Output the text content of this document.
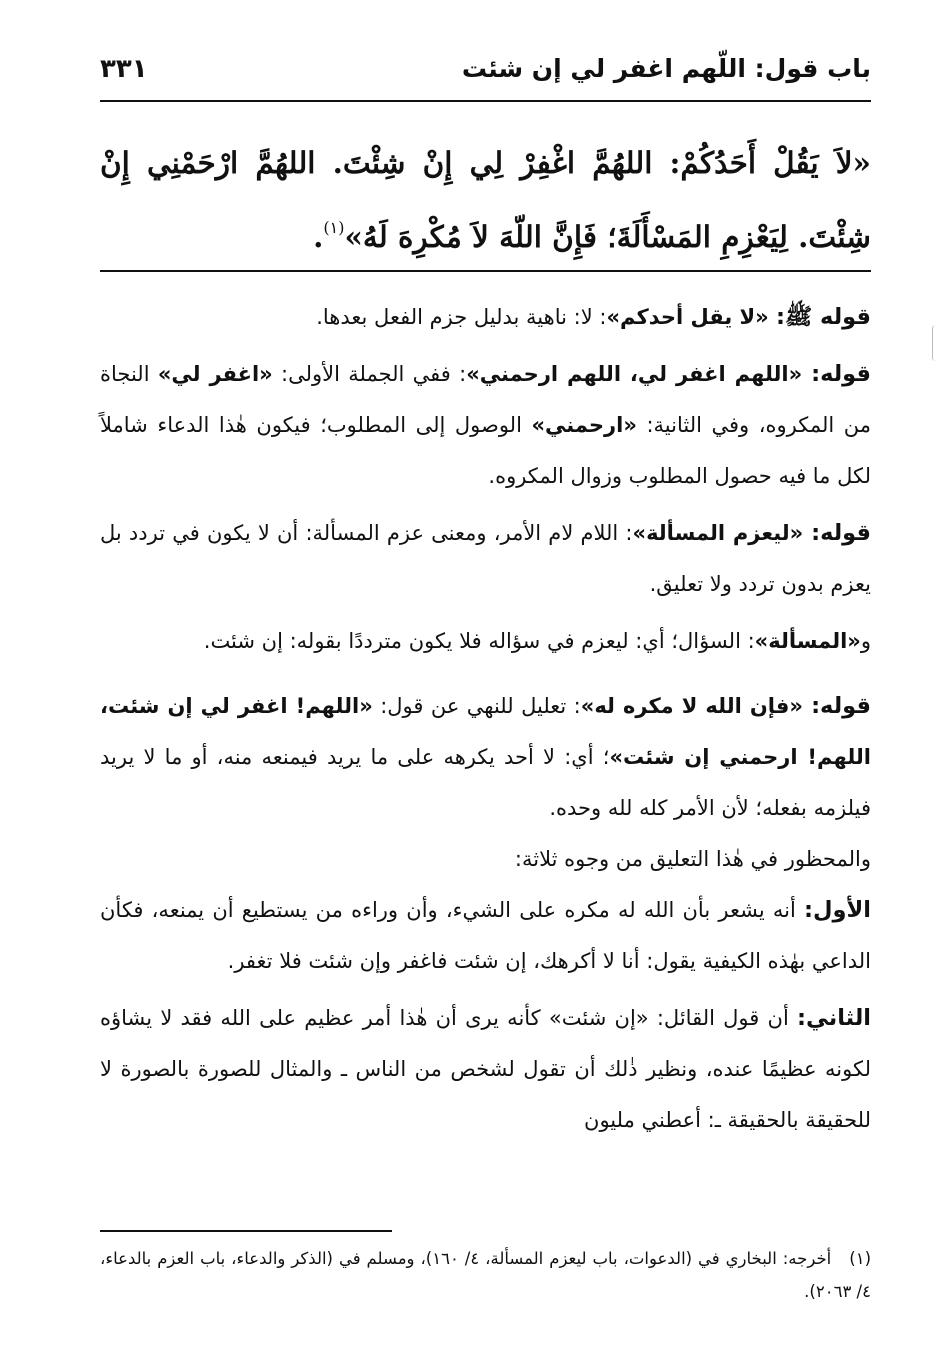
باب قول: اللّهم اغفر لي إن شئت
٣٣١
«لاَ يَقُلْ أَحَدُكُمْ: اللهُمَّ اغْفِرْ لِي إِنْ شِئْتَ. اللهُمَّ ارْحَمْنِي إِنْ شِئْتَ. لِيَعْزِمِ المَسْأَلَةَ؛ فَإِنَّ اللّهَ لاَ مُكْرِهَ لَهُ»$^{(١)}$.

قوله ﷺ: «لا يقل أحدكم»: لا: ناهية بدليل جزم الفعل بعدها.

قوله: «اللهم اغفر لي، اللهم ارحمني»: ففي الجملة الأولى: «اغفر لي» النجاة من المكروه، وفي الثانية: «ارحمني» الوصول إلى المطلوب؛ فيكون هٰذا الدعاء شاملاً لكل ما فيه حصول المطلوب وزوال المكروه.

قوله: «ليعزم المسألة»: اللام لام الأمر، ومعنى عزم المسألة: أن لا يكون في تردد بل يعزم بدون تردد ولا تعليق.

و«المسألة»: السؤال؛ أي: ليعزم في سؤاله فلا يكون مترددًا بقوله: إن شئت.

قوله: «فإن الله لا مكره له»: تعليل للنهي عن قول: «اللهم! اغفر لي إن شئت، اللهم! ارحمني إن شئت»؛ أي: لا أحد يكرهه على ما يريد فيمنعه منه، أو ما لا يريد فيلزمه بفعله؛ لأن الأمر كله لله وحده.

والمحظور في هٰذا التعليق من وجوه ثلاثة:

الأول: أنه يشعر بأن الله له مكره على الشيء، وأن وراءه من يستطيع أن يمنعه، فكأن الداعي بهٰذه الكيفية يقول: أنا لا أكرهك، إن شئت فاغفر وإن شئت فلا تغفر.

الثاني: أن قول القائل: «إن شئت» كأنه يرى أن هٰذا أمر عظيم على الله فقد لا يشاؤه لكونه عظيمًا عنده، ونظير ذٰلك أن تقول لشخص من الناس ـ والمثال للصورة بالصورة لا للحقيقة بالحقيقة ـ: أعطني مليون

(١)أخرجه: البخاري في (الدعوات، باب ليعزم المسألة، ٤/ ١٦٠)، ومسلم في (الذكر والدعاء، باب العزم بالدعاء، ٤/ ٢٠٦٣).
